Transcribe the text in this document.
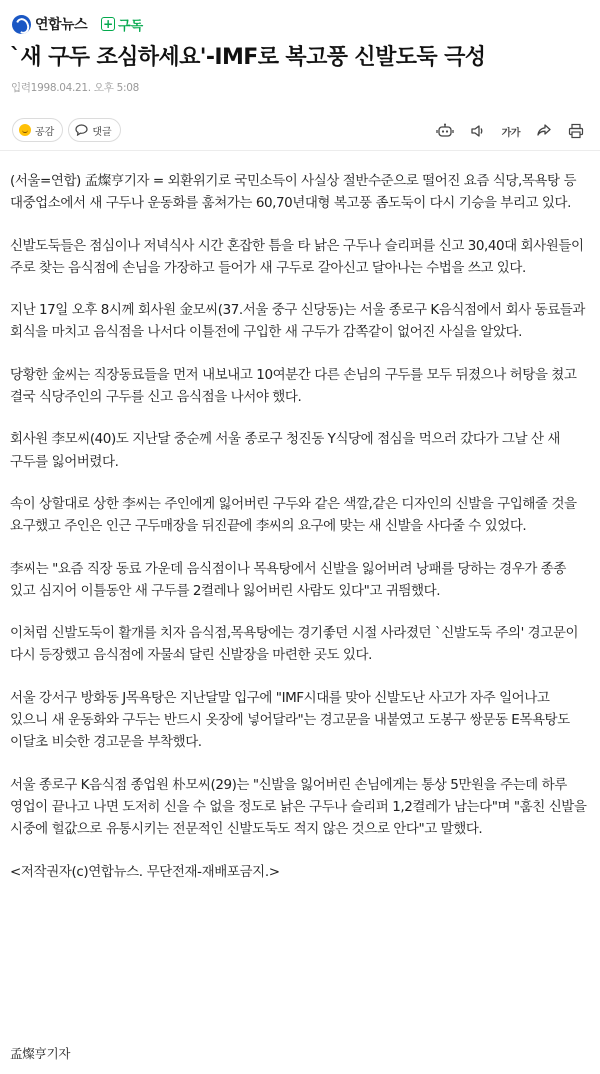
연합뉴스 + 구독
`새 구두 조심하세요'-IMF로 복고풍 신발도둑 극성
입력1998.04.21. 오후 5:08
공감	댓글	가가

(서울=연합) 孟燦亨기자 = 외환위기로 국민소득이 사실상 절반수준으로 떨어진 요즘 식당,목욕탕 등 대중업소에서 새 구두나 운동화를 훔쳐가는 60,70년대형 복고풍 좀도둑이 다시 기승을 부리고 있다.

신발도둑들은 점심이나 저녁식사 시간 혼잡한 틈을 타 낡은 구두나 슬리퍼를 신고 30,40대 회사원들이 주로 찾는 음식점에 손님을 가장하고 들어가 새 구두로 갈아신고 달아나는 수법을 쓰고 있다.

지난 17일 오후 8시께 회사원 金모씨(37.서울 중구 신당동)는 서울 종로구 K음식점에서 회사 동료들과 회식을 마치고 음식점을 나서다 이틀전에 구입한 새 구두가 감쪽같이 없어진 사실을 알았다.

당황한 金씨는 직장동료들을 먼저 내보내고 10여분간 다른 손님의 구두를 모두 뒤졌으나 허탕을 쳤고 결국 식당주인의 구두를 신고 음식점을 나서야 했다.

회사원 李모씨(40)도 지난달 중순께 서울 종로구 청진동 Y식당에 점심을 먹으러 갔다가 그날 산 새 구두를 잃어버렸다.

속이 상할대로 상한 李씨는 주인에게 잃어버린 구두와 같은 색깔,같은 디자인의 신발을 구입해줄 것을 요구했고 주인은 인근 구두매장을 뒤진끝에 李씨의 요구에 맞는 새 신발을 사다줄 수 있었다.

李씨는 "요즘 직장 동료 가운데 음식점이나 목욕탕에서 신발을 잃어버려 낭패를 당하는 경우가 종종 있고 심지어 이틀동안 새 구두를 2켤레나 잃어버린 사람도 있다"고 귀띔했다.

이처럼 신발도둑이 활개를 치자 음식점,목욕탕에는 경기좋던 시절 사라졌던 `신발도둑 주의' 경고문이 다시 등장했고 음식점에 자물쇠 달린 신발장을 마련한 곳도 있다.

서울 강서구 방화동 J목욕탕은 지난달말 입구에 "IMF시대를 맞아 신발도난 사고가 자주 일어나고 있으니 새 운동화와 구두는 반드시 옷장에 넣어달라"는 경고문을 내붙였고 도봉구 쌍문동 E목욕탕도 이달초 비슷한 경고문을 부착했다.

서울 종로구 K음식점 종업원 朴모씨(29)는 "신발을 잃어버린 손님에게는 통상 5만원을 주는데 하루 영업이 끝나고 나면 도저히 신을 수 없을 정도로 낡은 구두나 슬리퍼 1,2켤레가 남는다"며 "훔친 신발을 시중에 헐값으로 유통시키는 전문적인 신발도둑도 적지 않은 것으로 안다"고 말했다.

<저작권자(c)연합뉴스. 무단전재-재배포금지.>

孟燦亨기자
